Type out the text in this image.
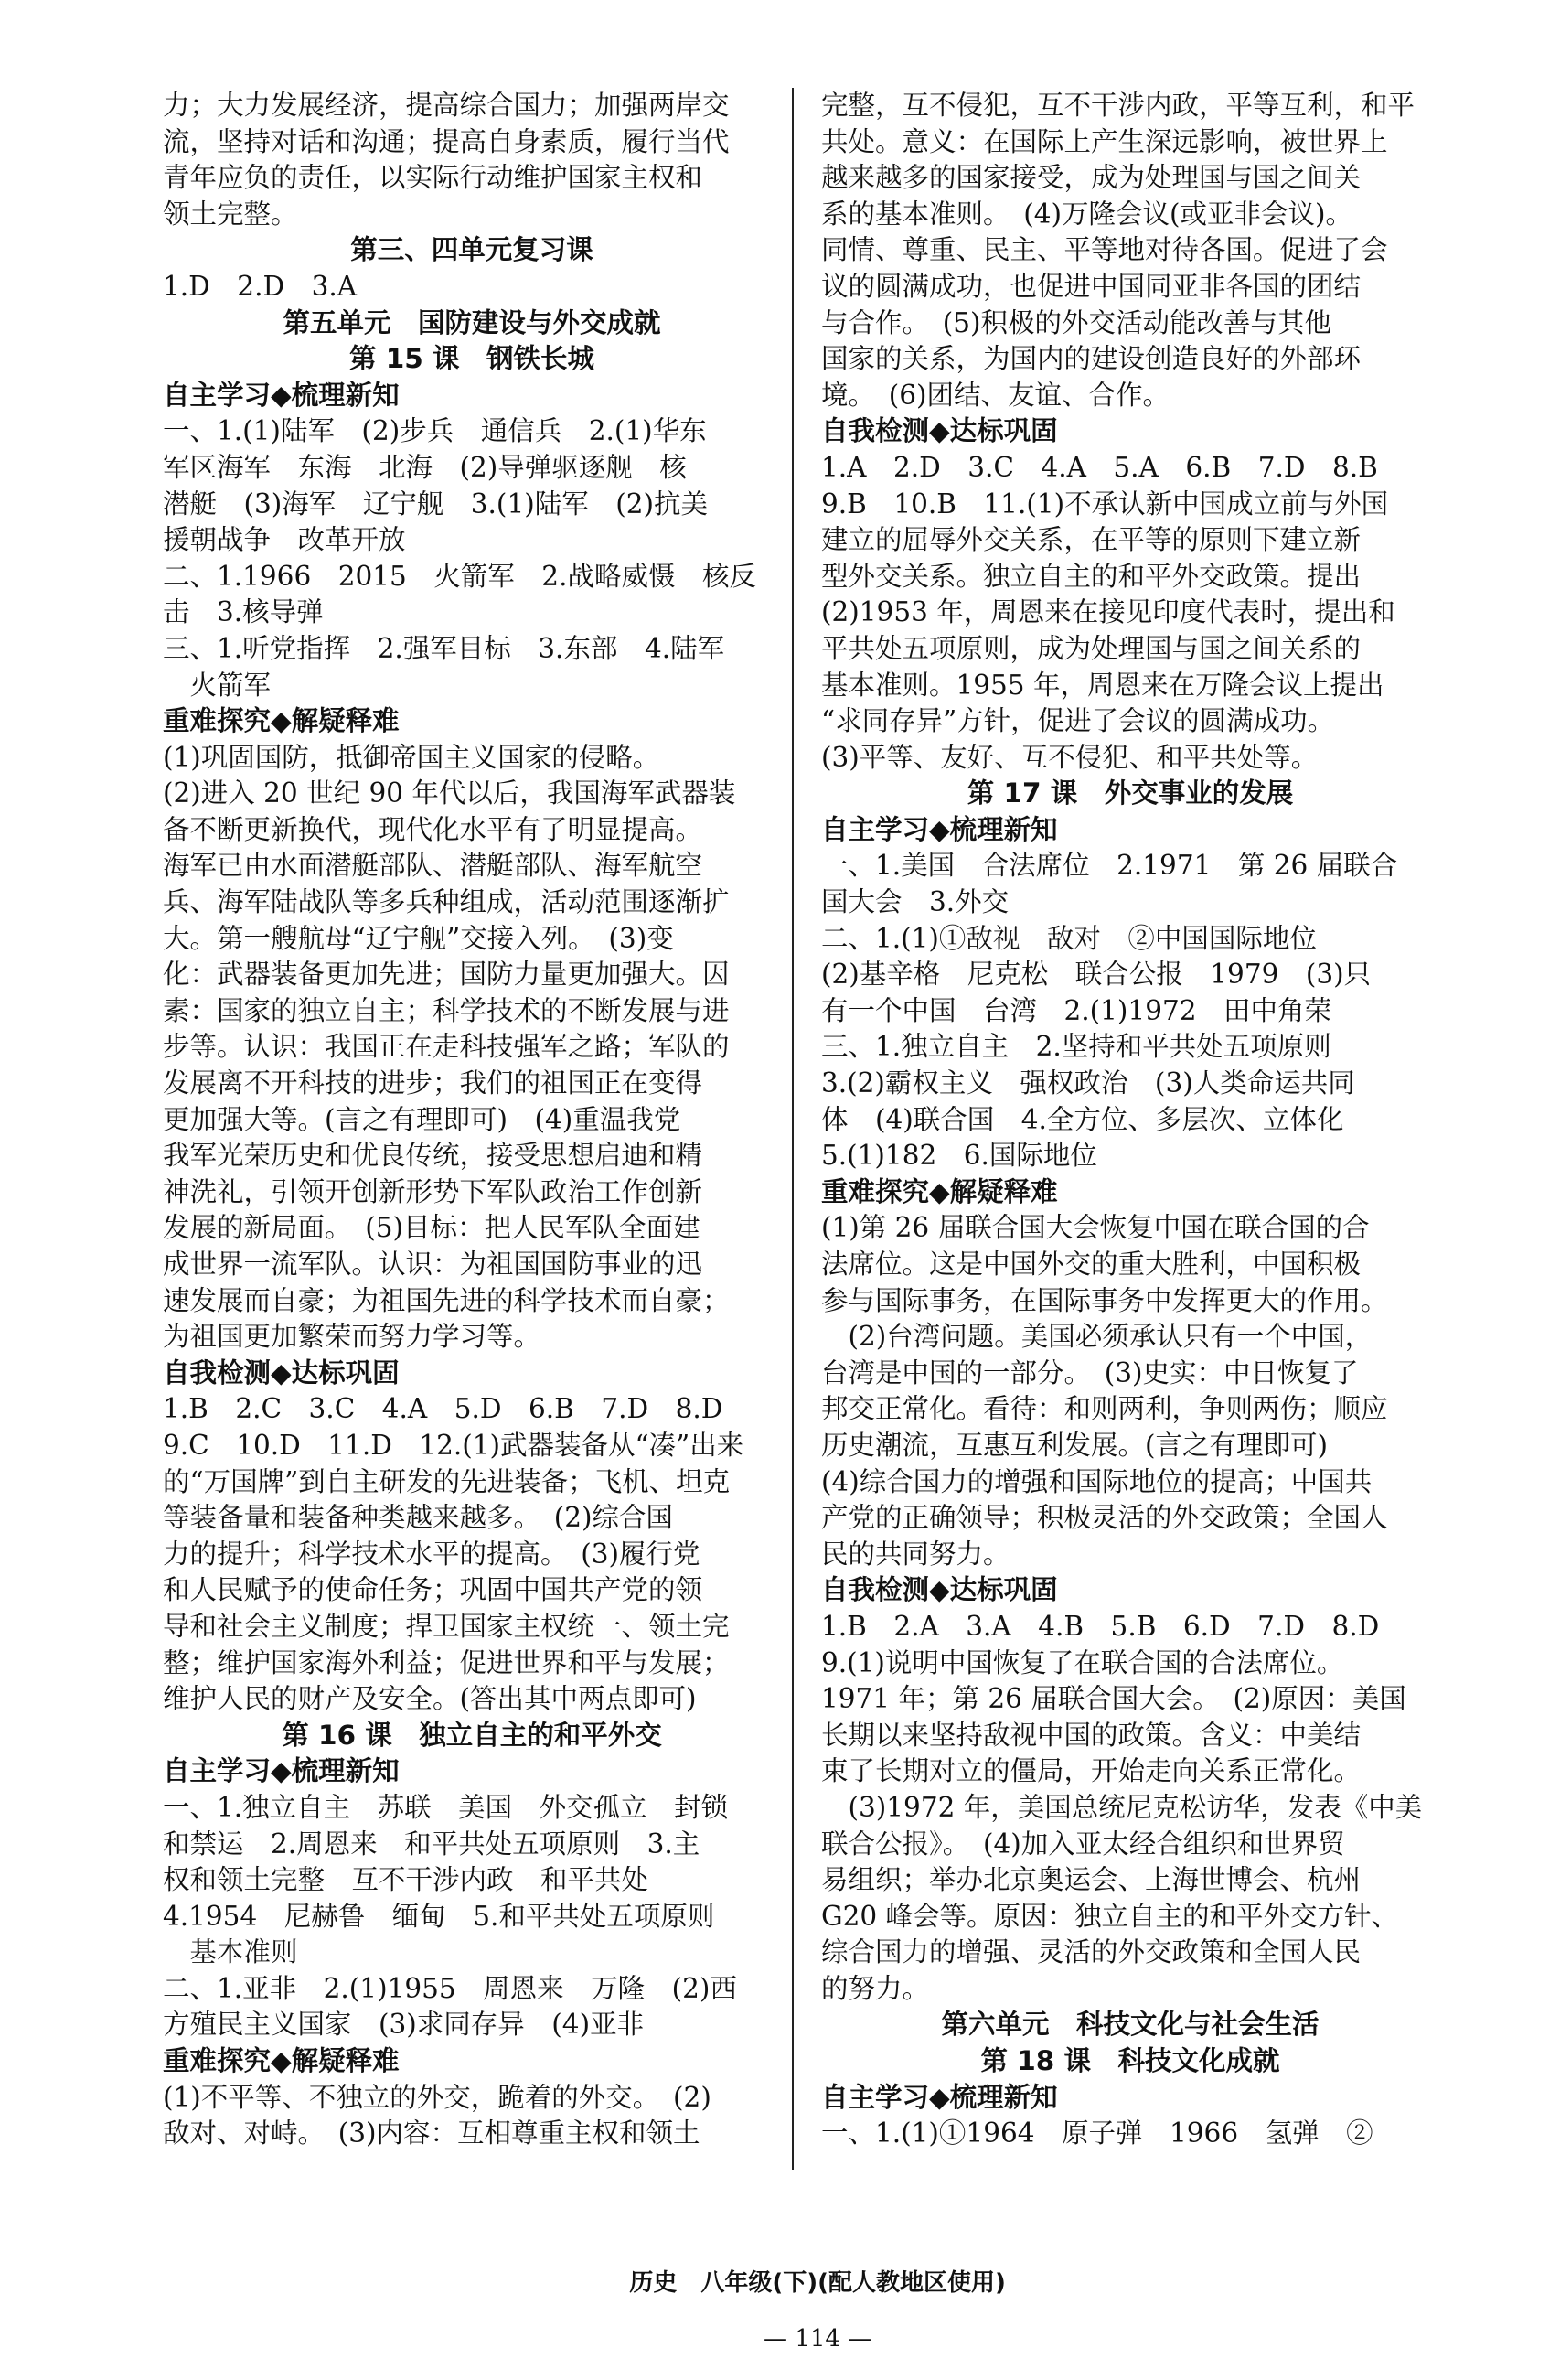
力；大力发展经济，提高综合国力；加强两岸交
流，坚持对话和沟通；提高自身素质，履行当代
青年应负的责任，以实际行动维护国家主权和
领土完整。
第三、四单元复习课
1.D　2.D　3.A
第五单元　国防建设与外交成就
第 15 课　钢铁长城
自主学习◆梳理新知
一、1.(1)陆军　(2)步兵　通信兵　2.(1)华东
军区海军　东海　北海　(2)导弹驱逐舰　核
潜艇　(3)海军　辽宁舰　3.(1)陆军　(2)抗美
援朝战争　改革开放
二、1.1966　2015　火箭军　2.战略威慑　核反
击　3.核导弹
三、1.听党指挥　2.强军目标　3.东部　4.陆军
　火箭军
重难探究◆解疑释难
(1)巩固国防，抵御帝国主义国家的侵略。
(2)进入 20 世纪 90 年代以后，我国海军武器装
备不断更新换代，现代化水平有了明显提高。
海军已由水面潜艇部队、潜艇部队、海军航空
兵、海军陆战队等多兵种组成，活动范围逐渐扩
大。第一艘航母“辽宁舰”交接入列。　(3)变
化：武器装备更加先进；国防力量更加强大。因
素：国家的独立自主；科学技术的不断发展与进
步等。认识：我国正在走科技强军之路；军队的
发展离不开科技的进步；我们的祖国正在变得
更加强大等。(言之有理即可)　(4)重温我党
我军光荣历史和优良传统，接受思想启迪和精
神洗礼，引领开创新形势下军队政治工作创新
发展的新局面。　(5)目标：把人民军队全面建
成世界一流军队。认识：为祖国国防事业的迅
速发展而自豪；为祖国先进的科学技术而自豪；
为祖国更加繁荣而努力学习等。
自我检测◆达标巩固
1.B　2.C　3.C　4.A　5.D　6.B　7.D　8.D
9.C　10.D　11.D　12.(1)武器装备从“凑”出来
的“万国牌”到自主研发的先进装备；飞机、坦克
等装备量和装备种类越来越多。　(2)综合国
力的提升；科学技术水平的提高。　(3)履行党
和人民赋予的使命任务；巩固中国共产党的领
导和社会主义制度；捍卫国家主权统一、领土完
整；维护国家海外利益；促进世界和平与发展；
维护人民的财产及安全。(答出其中两点即可)
第 16 课　独立自主的和平外交
自主学习◆梳理新知
一、1.独立自主　苏联　美国　外交孤立　封锁
和禁运　2.周恩来　和平共处五项原则　3.主
权和领土完整　互不干涉内政　和平共处
4.1954　尼赫鲁　缅甸　5.和平共处五项原则
　基本准则
二、1.亚非　2.(1)1955　周恩来　万隆　(2)西
方殖民主义国家　(3)求同存异　(4)亚非
重难探究◆解疑释难
(1)不平等、不独立的外交，跪着的外交。　(2)
敌对、对峙。　(3)内容：互相尊重主权和领土
完整，互不侵犯，互不干涉内政，平等互利，和平
共处。意义：在国际上产生深远影响，被世界上
越来越多的国家接受，成为处理国与国之间关
系的基本准则。　(4)万隆会议(或亚非会议)。
同情、尊重、民主、平等地对待各国。促进了会
议的圆满成功，也促进中国同亚非各国的团结
与合作。　(5)积极的外交活动能改善与其他
国家的关系，为国内的建设创造良好的外部环
境。　(6)团结、友谊、合作。
自我检测◆达标巩固
1.A　2.D　3.C　4.A　5.A　6.B　7.D　8.B
9.B　10.B　11.(1)不承认新中国成立前与外国
建立的屈辱外交关系，在平等的原则下建立新
型外交关系。独立自主的和平外交政策。提出
(2)1953 年，周恩来在接见印度代表时，提出和
平共处五项原则，成为处理国与国之间关系的
基本准则。1955 年，周恩来在万隆会议上提出
“求同存异”方针，促进了会议的圆满成功。
(3)平等、友好、互不侵犯、和平共处等。
第 17 课　外交事业的发展
自主学习◆梳理新知
一、1.美国　合法席位　2.1971　第 26 届联合
国大会　3.外交
二、1.(1)①敌视　敌对　②中国国际地位
(2)基辛格　尼克松　联合公报　1979　(3)只
有一个中国　台湾　2.(1)1972　田中角荣
三、1.独立自主　2.坚持和平共处五项原则
3.(2)霸权主义　强权政治　(3)人类命运共同
体　(4)联合国　4.全方位、多层次、立体化
5.(1)182　6.国际地位
重难探究◆解疑释难
(1)第 26 届联合国大会恢复中国在联合国的合
法席位。这是中国外交的重大胜利，中国积极
参与国际事务，在国际事务中发挥更大的作用。
　(2)台湾问题。美国必须承认只有一个中国，
台湾是中国的一部分。　(3)史实：中日恢复了
邦交正常化。看待：和则两利，争则两伤；顺应
历史潮流，互惠互利发展。(言之有理即可)
(4)综合国力的增强和国际地位的提高；中国共
产党的正确领导；积极灵活的外交政策；全国人
民的共同努力。
自我检测◆达标巩固
1.B　2.A　3.A　4.B　5.B　6.D　7.D　8.D
9.(1)说明中国恢复了在联合国的合法席位。
1971 年；第 26 届联合国大会。　(2)原因：美国
长期以来坚持敌视中国的政策。含义：中美结
束了长期对立的僵局，开始走向关系正常化。
　(3)1972 年，美国总统尼克松访华，发表《中美
联合公报》。　(4)加入亚太经合组织和世界贸
易组织；举办北京奥运会、上海世博会、杭州
G20 峰会等。原因：独立自主的和平外交方针、
综合国力的增强、灵活的外交政策和全国人民
的努力。
第六单元　科技文化与社会生活
第 18 课　科技文化成就
自主学习◆梳理新知
一、1.(1)①1964　原子弹　1966　氢弹　②

历史　八年级(下)(配人教地区使用)

— 114 —
